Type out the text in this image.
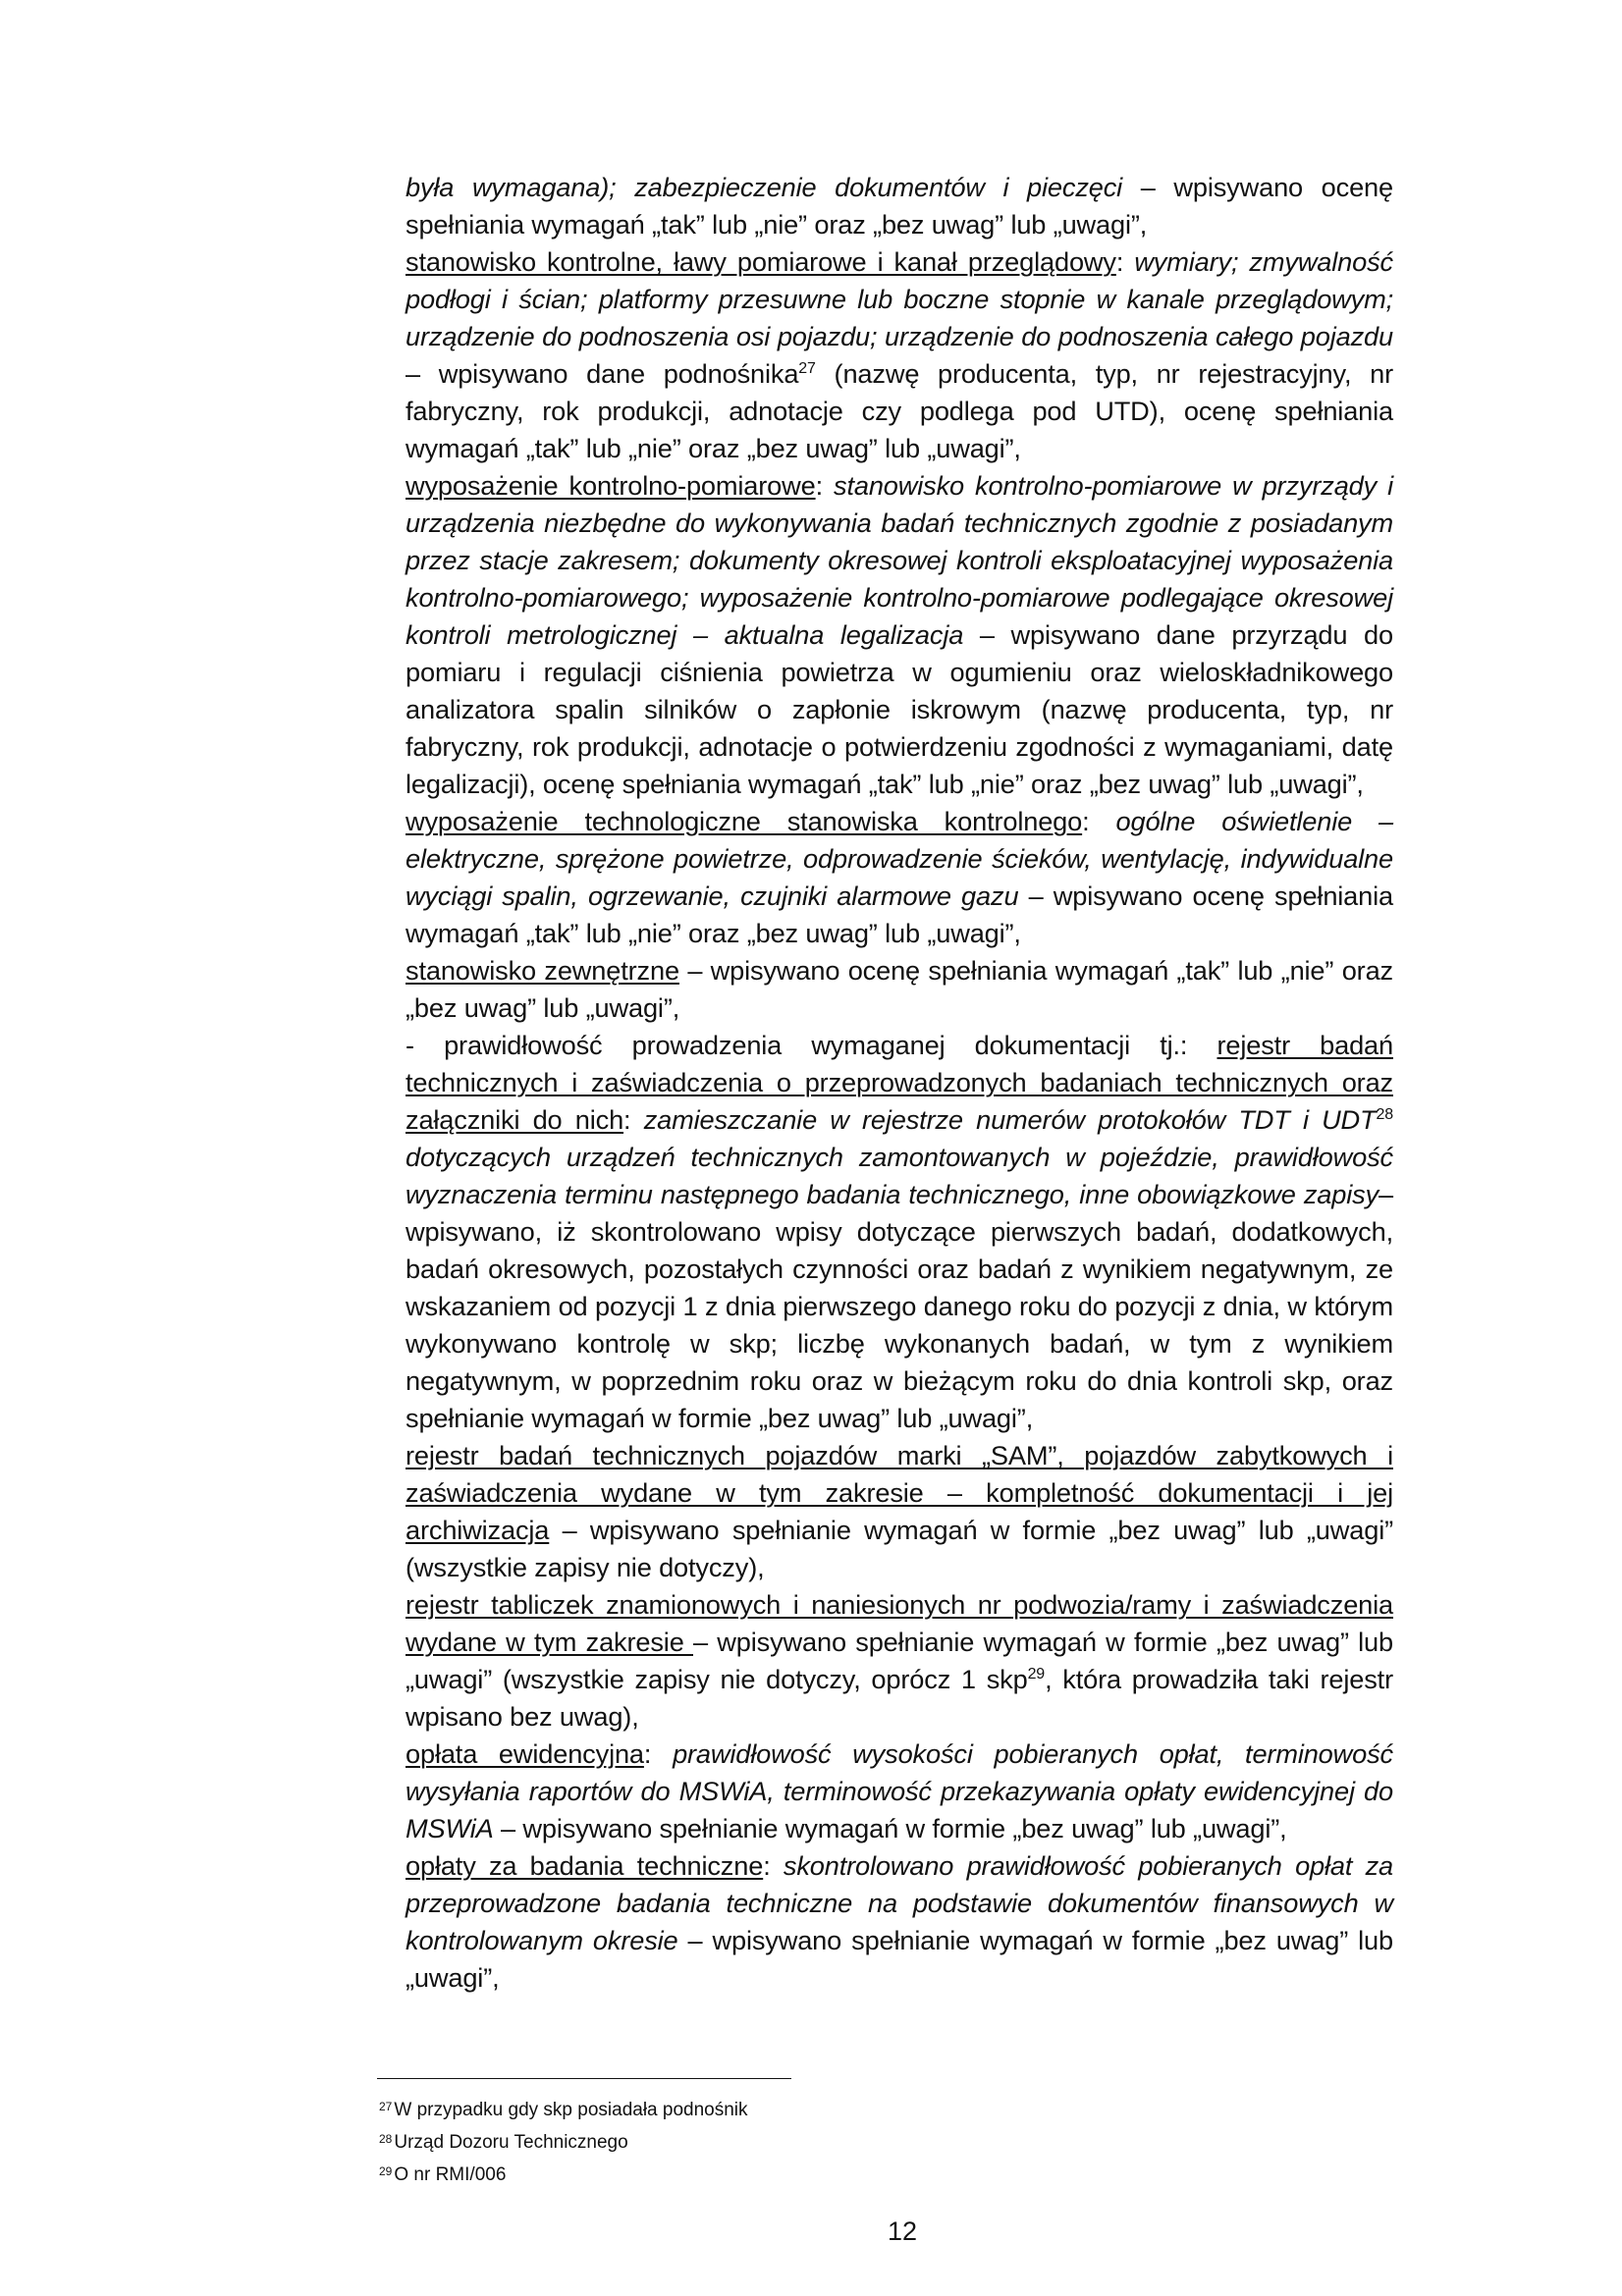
była wymagana); zabezpieczenie dokumentów i pieczęci – wpisywano ocenę spełniania wymagań „tak” lub „nie” oraz „bez uwag” lub „uwagi”,

stanowisko kontrolne, ławy pomiarowe i kanał przeglądowy: wymiary; zmywalność podłogi i ścian; platformy przesuwne lub boczne stopnie w kanale przeglądowym; urządzenie do podnoszenia osi pojazdu; urządzenie do podnoszenia całego pojazdu – wpisywano dane podnośnika$^{27}$ (nazwę producenta, typ, nr rejestracyjny, nr fabryczny, rok produkcji, adnotacje czy podlega pod UTD), ocenę spełniania wymagań „tak” lub „nie” oraz „bez uwag” lub „uwagi”,

wyposażenie kontrolno-pomiarowe: stanowisko kontrolno-pomiarowe w przyrządy i urządzenia niezbędne do wykonywania badań technicznych zgodnie z posiadanym przez stacje zakresem; dokumenty okresowej kontroli eksploatacyjnej wyposażenia kontrolno-pomiarowego; wyposażenie kontrolno-pomiarowe podlegające okresowej kontroli metrologicznej – aktualna legalizacja – wpisywano dane przyrządu do pomiaru i regulacji ciśnienia powietrza w ogumieniu oraz wieloskładnikowego analizatora spalin silników o zapłonie iskrowym (nazwę producenta, typ, nr fabryczny, rok produkcji, adnotacje o potwierdzeniu zgodności z wymaganiami, datę legalizacji), ocenę spełniania wymagań „tak” lub „nie” oraz „bez uwag” lub „uwagi”,

wyposażenie technologiczne stanowiska kontrolnego: ogólne oświetlenie – elektryczne, sprężone powietrze, odprowadzenie ścieków, wentylację, indywidualne wyciągi spalin, ogrzewanie, czujniki alarmowe gazu – wpisywano ocenę spełniania wymagań „tak” lub „nie” oraz „bez uwag” lub „uwagi”,

stanowisko zewnętrzne – wpisywano ocenę spełniania wymagań „tak” lub „nie” oraz „bez uwag” lub „uwagi”,

- prawidłowość prowadzenia wymaganej dokumentacji tj.: rejestr badań technicznych i zaświadczenia o przeprowadzonych badaniach technicznych oraz załączniki do nich: zamieszczanie w rejestrze numerów protokołów TDT i UDT$^{28}$ dotyczących urządzeń technicznych zamontowanych w pojeździe, prawidłowość wyznaczenia terminu następnego badania technicznego, inne obowiązkowe zapisy– wpisywano, iż skontrolowano wpisy dotyczące pierwszych badań, dodatkowych, badań okresowych, pozostałych czynności oraz badań z wynikiem negatywnym, ze wskazaniem od pozycji 1 z dnia pierwszego danego roku do pozycji z dnia, w którym wykonywano kontrolę w skp; liczbę wykonanych badań, w tym z wynikiem negatywnym, w poprzednim roku oraz w bieżącym roku do dnia kontroli skp, oraz spełnianie wymagań w formie „bez uwag” lub „uwagi”,

rejestr badań technicznych pojazdów marki „SAM”, pojazdów zabytkowych i zaświadczenia wydane w tym zakresie – kompletność dokumentacji i jej archiwizacja – wpisywano spełnianie wymagań w formie „bez uwag” lub „uwagi” (wszystkie zapisy nie dotyczy),

rejestr tabliczek znamionowych i naniesionych nr podwozia/ramy i zaświadczenia wydane w tym zakresie – wpisywano spełnianie wymagań w formie „bez uwag” lub „uwagi” (wszystkie zapisy nie dotyczy, oprócz 1 skp$^{29}$, która prowadziła taki rejestr wpisano bez uwag),

opłata ewidencyjna: prawidłowość wysokości pobieranych opłat, terminowość wysyłania raportów do MSWiA, terminowość przekazywania opłaty ewidencyjnej do MSWiA – wpisywano spełnianie wymagań w formie „bez uwag” lub „uwagi”,

opłaty za badania techniczne: skontrolowano prawidłowość pobieranych opłat za przeprowadzone badania techniczne na podstawie dokumentów finansowych w kontrolowanym okresie – wpisywano spełnianie wymagań w formie „bez uwag” lub „uwagi”,

$^{27}$ W przypadku gdy skp posiadała podnośnik

$^{28}$ Urząd Dozoru Technicznego

$^{29}$ O nr RMI/006

12
